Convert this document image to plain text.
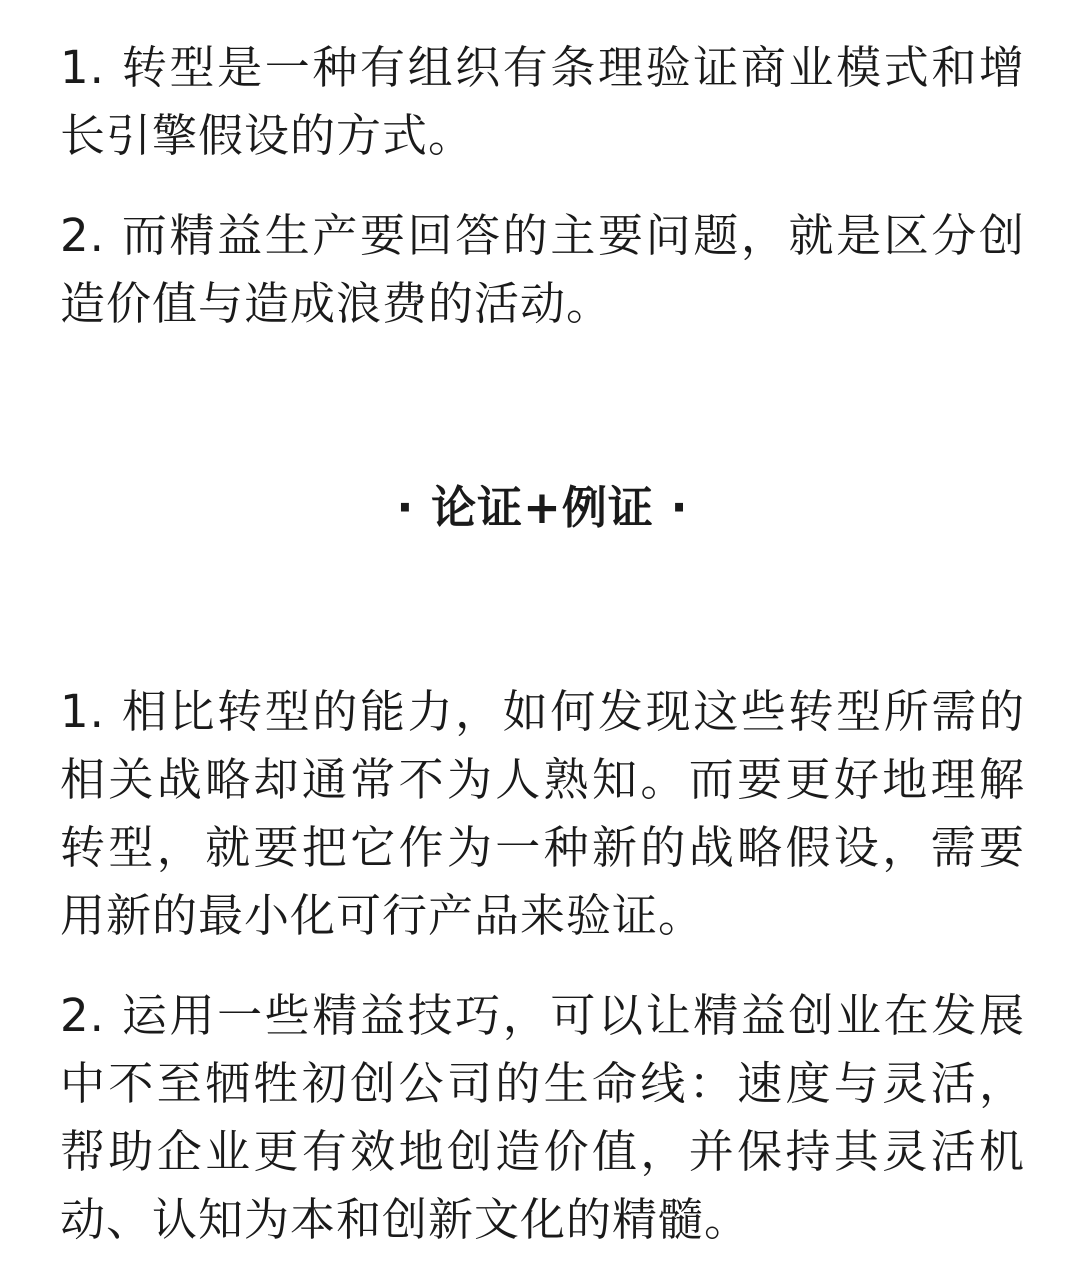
1. 转型是一种有组织有条理验证商业模式和增长引擎假设的方式。

2. 而精益生产要回答的主要问题，就是区分创造价值与造成浪费的活动。

· 论证+例证 ·

1. 相比转型的能力，如何发现这些转型所需的相关战略却通常不为人熟知。而要更好地理解转型，就要把它作为一种新的战略假设，需要用新的最小化可行产品来验证。

2. 运用一些精益技巧，可以让精益创业在发展中不至牺牲初创公司的生命线：速度与灵活，帮助企业更有效地创造价值，并保持其灵活机动、认知为本和创新文化的精髓。
